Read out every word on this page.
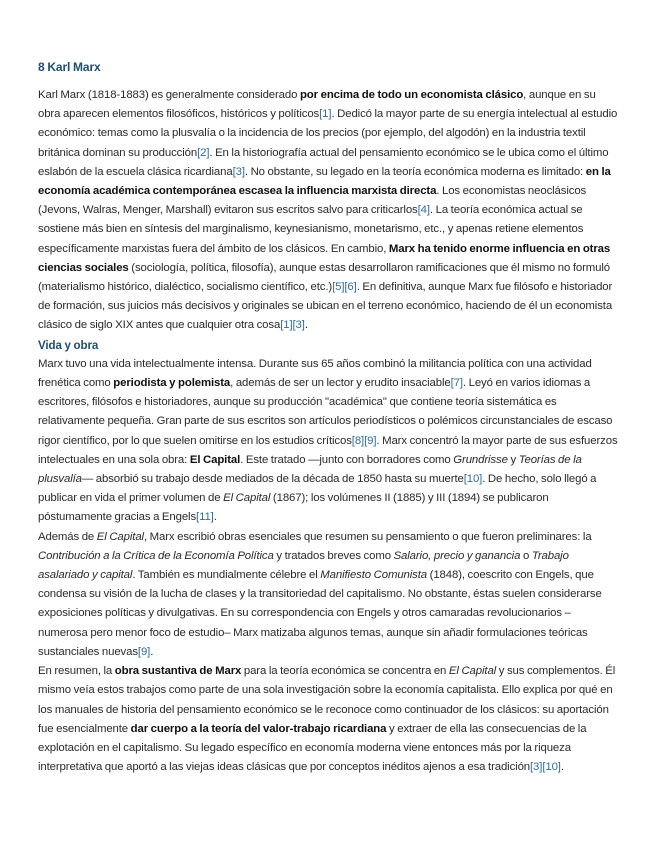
8 Karl Marx

Karl Marx (1818-1883) es generalmente considerado por encima de todo un economista clásico, aunque en su obra aparecen elementos filosóficos, históricos y políticos[1]. Dedicó la mayor parte de su energía intelectual al estudio económico: temas como la plusvalía o la incidencia de los precios (por ejemplo, del algodón) en la industria textil británica dominan su producción[2]. En la historiografía actual del pensamiento económico se le ubica como el último eslabón de la escuela clásica ricardiana[3]. No obstante, su legado en la teoría económica moderna es limitado: en la economía académica contemporánea escasea la influencia marxista directa. Los economistas neoclásicos (Jevons, Walras, Menger, Marshall) evitaron sus escritos salvo para criticarlos[4]. La teoría económica actual se sostiene más bien en síntesis del marginalismo, keynesianismo, monetarismo, etc., y apenas retiene elementos específicamente marxistas fuera del ámbito de los clásicos. En cambio, Marx ha tenido enorme influencia en otras ciencias sociales (sociología, política, filosofía), aunque estas desarrollaron ramificaciones que él mismo no formuló (materialismo histórico, dialéctico, socialismo científico, etc.)[5][6]. En definitiva, aunque Marx fue filósofo e historiador de formación, sus juicios más decisivos y originales se ubican en el terreno económico, haciendo de él un economista clásico de siglo XIX antes que cualquier otra cosa[1][3].

Vida y obra

Marx tuvo una vida intelectualmente intensa. Durante sus 65 años combinó la militancia política con una actividad frenética como periodista y polemista, además de ser un lector y erudito insaciable[7]. Leyó en varios idiomas a escritores, filósofos e historiadores, aunque su producción "académica" que contiene teoría sistemática es relativamente pequeña. Gran parte de sus escritos son artículos periodísticos o polémicos circunstanciales de escaso rigor científico, por lo que suelen omitirse en los estudios críticos[8][9]. Marx concentró la mayor parte de sus esfuerzos intelectuales en una sola obra: El Capital. Este tratado —junto con borradores como Grundrisse y Teorías de la plusvalía— absorbió su trabajo desde mediados de la década de 1850 hasta su muerte[10]. De hecho, solo llegó a publicar en vida el primer volumen de El Capital (1867); los volúmenes II (1885) y III (1894) se publicaron póstumamente gracias a Engels[11].

Además de El Capital, Marx escribió obras esenciales que resumen su pensamiento o que fueron preliminares: la Contribución a la Crítica de la Economía Política y tratados breves como Salario, precio y ganancia o Trabajo asalariado y capital. También es mundialmente célebre el Manifiesto Comunista (1848), coescrito con Engels, que condensa su visión de la lucha de clases y la transitoriedad del capitalismo. No obstante, éstas suelen considerarse exposiciones políticas y divulgativas. En su correspondencia con Engels y otros camaradas revolucionarios –numerosa pero menor foco de estudio– Marx matizaba algunos temas, aunque sin añadir formulaciones teóricas sustanciales nuevas[9].

En resumen, la obra sustantiva de Marx para la teoría económica se concentra en El Capital y sus complementos. Él mismo veía estos trabajos como parte de una sola investigación sobre la economía capitalista. Ello explica por qué en los manuales de historia del pensamiento económico se le reconoce como continuador de los clásicos: su aportación fue esencialmente dar cuerpo a la teoría del valor-trabajo ricardiana y extraer de ella las consecuencias de la explotación en el capitalismo. Su legado específico en economía moderna viene entonces más por la riqueza interpretativa que aportó a las viejas ideas clásicas que por conceptos inéditos ajenos a esa tradición[3][10].
